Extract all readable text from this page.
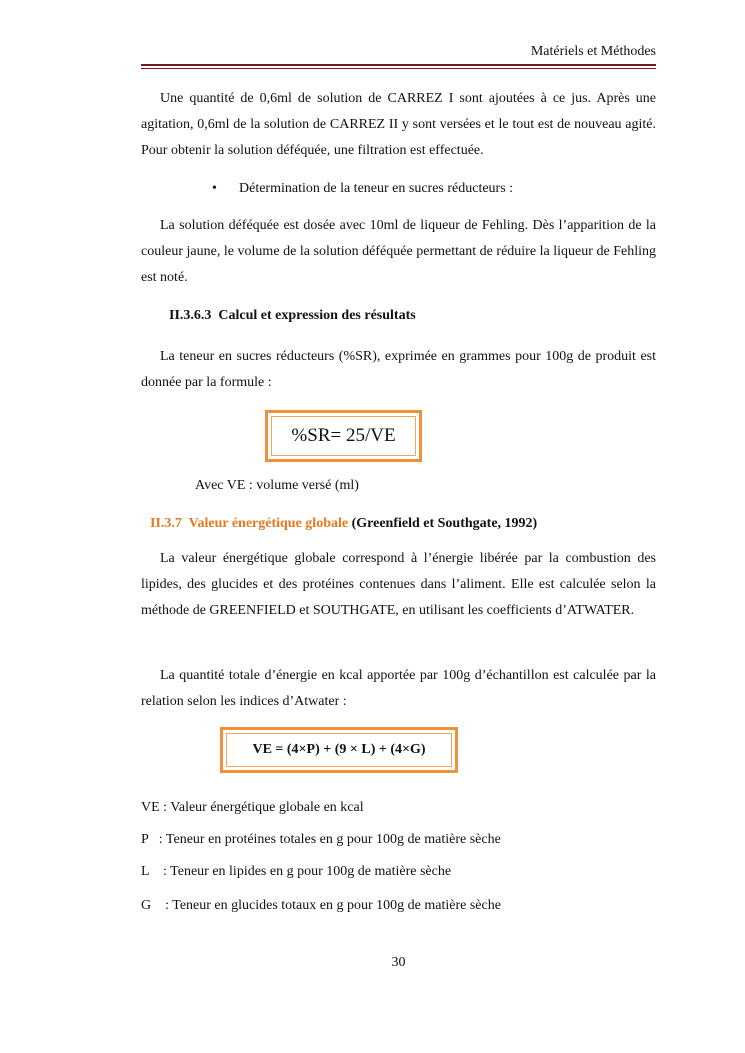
Matériels et Méthodes

Une quantité de 0,6ml de solution de CARREZ I sont ajoutées à ce jus. Après une agitation, 0,6ml de la solution de CARREZ II y sont versées et le tout est de nouveau agité. Pour obtenir la solution déféquée, une filtration est effectuée.

• Détermination de la teneur en sucres réducteurs :

La solution déféquée est dosée avec 10ml de liqueur de Fehling. Dès l’apparition de la couleur jaune, le volume de la solution déféquée permettant de réduire la liqueur de Fehling est noté.

II.3.6.3 Calcul et expression des résultats

La teneur en sucres réducteurs (%SR), exprimée en grammes pour 100g de produit est donnée par la formule :

%SR= 25/VE
Avec VE : volume versé (ml)
II.3.7 Valeur énergétique globale (Greenfield et Southgate, 1992)

La valeur énergétique globale correspond à l’énergie libérée par la combustion des lipides, des glucides et des protéines contenues dans l’aliment. Elle est calculée selon la méthode de GREENFIELD et SOUTHGATE, en utilisant les coefficients d’ATWATER.

La quantité totale d’énergie en kcal apportée par 100g d’échantillon est calculée par la relation selon les indices d’Atwater :

VE = (4×P) + (9 × L) + (4×G)
VE : Valeur énergétique globale en kcal
P   : Teneur en protéines totales en g pour 100g de matière sèche
L    : Teneur en lipides en g pour 100g de matière sèche
G    : Teneur en glucides totaux en g pour 100g de matière sèche
30
